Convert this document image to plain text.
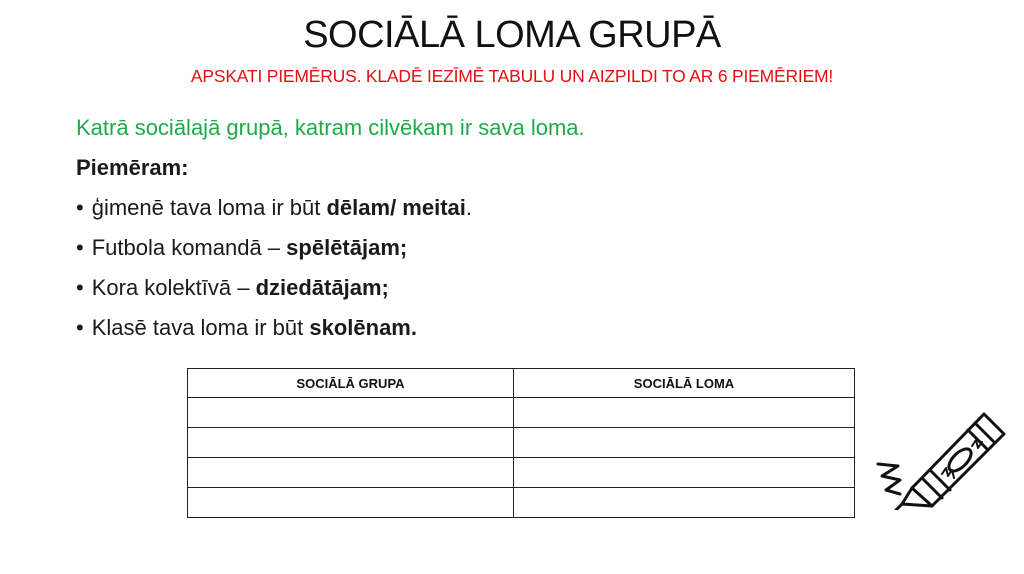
SOCIĀLĀ LOMA GRUPĀ
APSKATI PIEMĒRUS. KLADĒ IEZĪMĒ TABULU UN AIZPILDI TO AR 6 PIEMĒRIEM!
Katrā sociālajā grupā, katram cilvēkam ir sava loma.
Piemēram:
• ģimenē tava loma ir būt dēlam/ meitai.
• Futbola komandā – spēlētājam;
• Kora kolektīvā – dziedātājam;
• Klasē tava loma ir būt skolēnam.
SOCIĀLĀ GRUPA	SOCIĀLĀ LOMA
